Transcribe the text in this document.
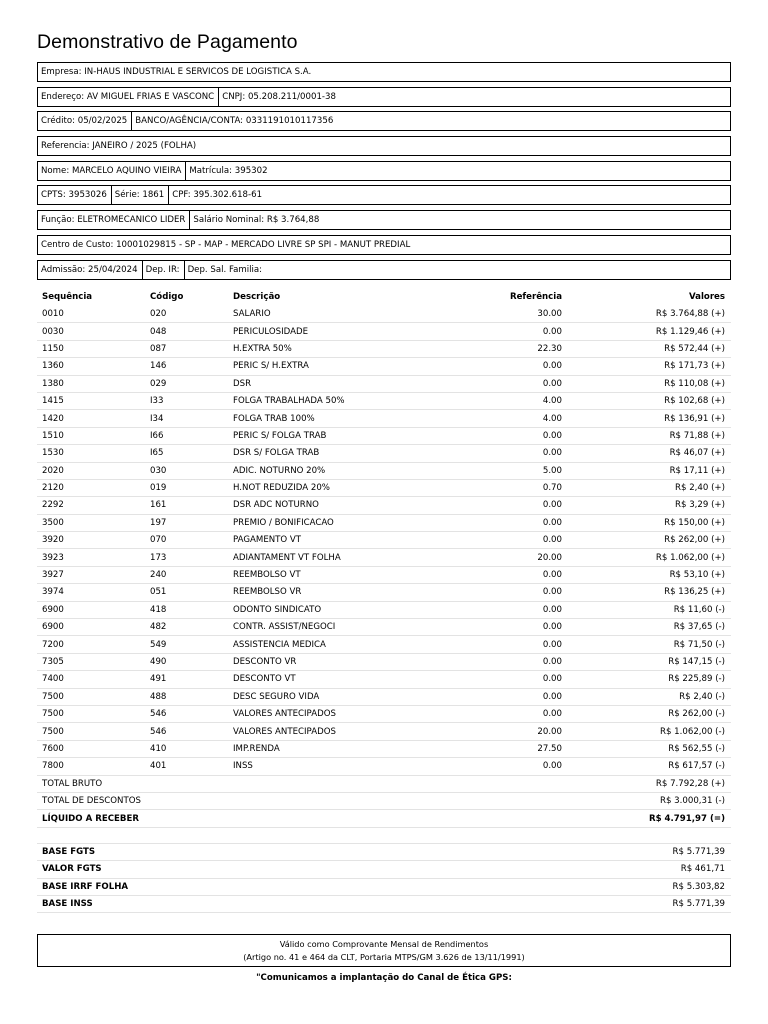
Demonstrativo de Pagamento
Empresa: IN-HAUS INDUSTRIAL E SERVICOS DE LOGISTICA S.A.
Endereço: AV MIGUEL FRIAS E VASCONC CNPJ: 05.208.211/0001-38
Crédito: 05/02/2025 BANCO/AGÊNCIA/CONTA: 0331191010117356
Referencia: JANEIRO / 2025 (FOLHA)
Nome: MARCELO AQUINO VIEIRA Matrícula: 395302
CPTS: 3953026 Série: 1861 CPF: 395.302.618-61
Função: ELETROMECANICO LIDER Salário Nominal: R$ 3.764,88
Centro de Custo: 10001029815 - SP - MAP - MERCADO LIVRE SP SPI - MANUT PREDIAL
Admissão: 25/04/2024 Dep. IR: Dep. Sal. Familia:
Sequência	Código	Descrição	Referência	Valores
0010	020	SALARIO	30.00	R$ 3.764,88 (+)
0030	048	PERICULOSIDADE	0.00	R$ 1.129,46 (+)
1150	087	H.EXTRA 50%	22.30	R$ 572,44 (+)
1360	146	PERIC S/ H.EXTRA	0.00	R$ 171,73 (+)
1380	029	DSR	0.00	R$ 110,08 (+)
1415	I33	FOLGA TRABALHADA 50%	4.00	R$ 102,68 (+)
1420	I34	FOLGA TRAB 100%	4.00	R$ 136,91 (+)
1510	I66	PERIC S/ FOLGA TRAB	0.00	R$ 71,88 (+)
1530	I65	DSR S/ FOLGA TRAB	0.00	R$ 46,07 (+)
2020	030	ADIC. NOTURNO 20%	5.00	R$ 17,11 (+)
2120	019	H.NOT REDUZIDA 20%	0.70	R$ 2,40 (+)
2292	161	DSR ADC NOTURNO	0.00	R$ 3,29 (+)
3500	197	PREMIO / BONIFICACAO	0.00	R$ 150,00 (+)
3920	070	PAGAMENTO VT	0.00	R$ 262,00 (+)
3923	173	ADIANTAMENT VT FOLHA	20.00	R$ 1.062,00 (+)
3927	240	REEMBOLSO VT	0.00	R$ 53,10 (+)
3974	051	REEMBOLSO VR	0.00	R$ 136,25 (+)
6900	418	ODONTO SINDICATO	0.00	R$ 11,60 (-)
6900	482	CONTR. ASSIST/NEGOCI	0.00	R$ 37,65 (-)
7200	549	ASSISTENCIA MEDICA	0.00	R$ 71,50 (-)
7305	490	DESCONTO VR	0.00	R$ 147,15 (-)
7400	491	DESCONTO VT	0.00	R$ 225,89 (-)
7500	488	DESC SEGURO VIDA	0.00	R$ 2,40 (-)
7500	546	VALORES ANTECIPADOS	0.00	R$ 262,00 (-)
7500	546	VALORES ANTECIPADOS	20.00	R$ 1.062,00 (-)
7600	410	IMP.RENDA	27.50	R$ 562,55 (-)
7800	401	INSS	0.00	R$ 617,57 (-)
TOTAL BRUTO				R$ 7.792,28 (+)
TOTAL DE DESCONTOS				R$ 3.000,31 (-)
LÍQUIDO A RECEBER				R$ 4.791,97 (=)

BASE FGTS				R$ 5.771,39
VALOR FGTS				R$ 461,71
BASE IRRF FOLHA				R$ 5.303,82
BASE INSS				R$ 5.771,39
Válido como Comprovante Mensal de Rendimentos
(Artigo no. 41 e 464 da CLT, Portaria MTPS/GM 3.626 de 13/11/1991)
"Comunicamos a implantação do Canal de Ética GPS:
